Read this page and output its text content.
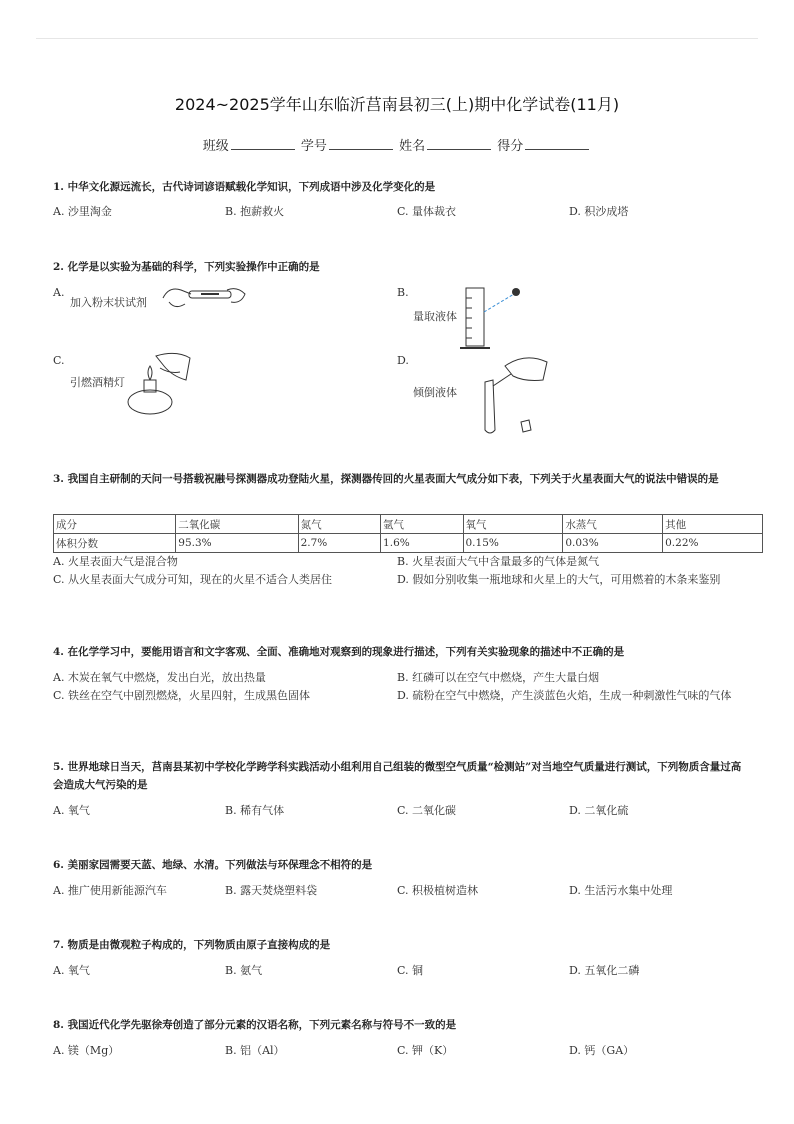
2024~2025学年山东临沂莒南县初三(上)期中化学试卷(11月)
班级	学号	姓名	得分
1. 中华文化源远流长，古代诗词谚语赋载化学知识，下列成语中涉及化学变化的是
A. 沙里淘金	B. 抱薪救火	C. 量体裁衣	D. 积沙成塔
2. 化学是以实验为基础的科学，下列实验操作中正确的是
A.
加入粉末状试剂
B.
量取液体
C.
引燃酒精灯
D.
倾倒液体
3. 我国自主研制的天问一号搭载祝融号探测器成功登陆火星，探测器传回的火星表面大气成分如下表，下列关于火星表面大气的说法中错误的是
成分	二氧化碳	氮气	氩气	氧气	水蒸气	其他
体积分数	95.3%	2.7%	1.6%	0.15%	0.03%	0.22%
A. 火星表面大气是混合物	B. 火星表面大气中含量最多的气体是氮气
C. 从火星表面大气成分可知，现在的火星不适合人类居住	D. 假如分别收集一瓶地球和火星上的大气，可用燃着的木条来鉴别
4. 在化学学习中，要能用语言和文字客观、全面、准确地对观察到的现象进行描述，下列有关实验现象的描述中不正确的是
A. 木炭在氧气中燃烧，发出白光，放出热量	B. 红磷可以在空气中燃烧，产生大量白烟
C. 铁丝在空气中剧烈燃烧，火星四射，生成黑色固体	D. 硫粉在空气中燃烧，产生淡蓝色火焰，生成一种刺激性气味的气体
5. 世界地球日当天，莒南县某初中学校化学跨学科实践活动小组利用自己组装的微型空气质量“检测站”对当地空气质量进行测试，下列物质含量过高会造成大气污染的是
A. 氧气	B. 稀有气体	C. 二氧化碳	D. 二氧化硫
6. 美丽家园需要天蓝、地绿、水清。下列做法与环保理念不相符的是
A. 推广使用新能源汽车	B. 露天焚烧塑料袋	C. 积极植树造林	D. 生活污水集中处理
7. 物质是由微观粒子构成的，下列物质由原子直接构成的是
A. 氧气	B. 氨气	C. 铜	D. 五氧化二磷
8. 我国近代化学先驱徐寿创造了部分元素的汉语名称，下列元素名称与符号不一致的是
A. 镁（Mg）	B. 铝（Al）	C. 钾（K）	D. 钙（GA）
